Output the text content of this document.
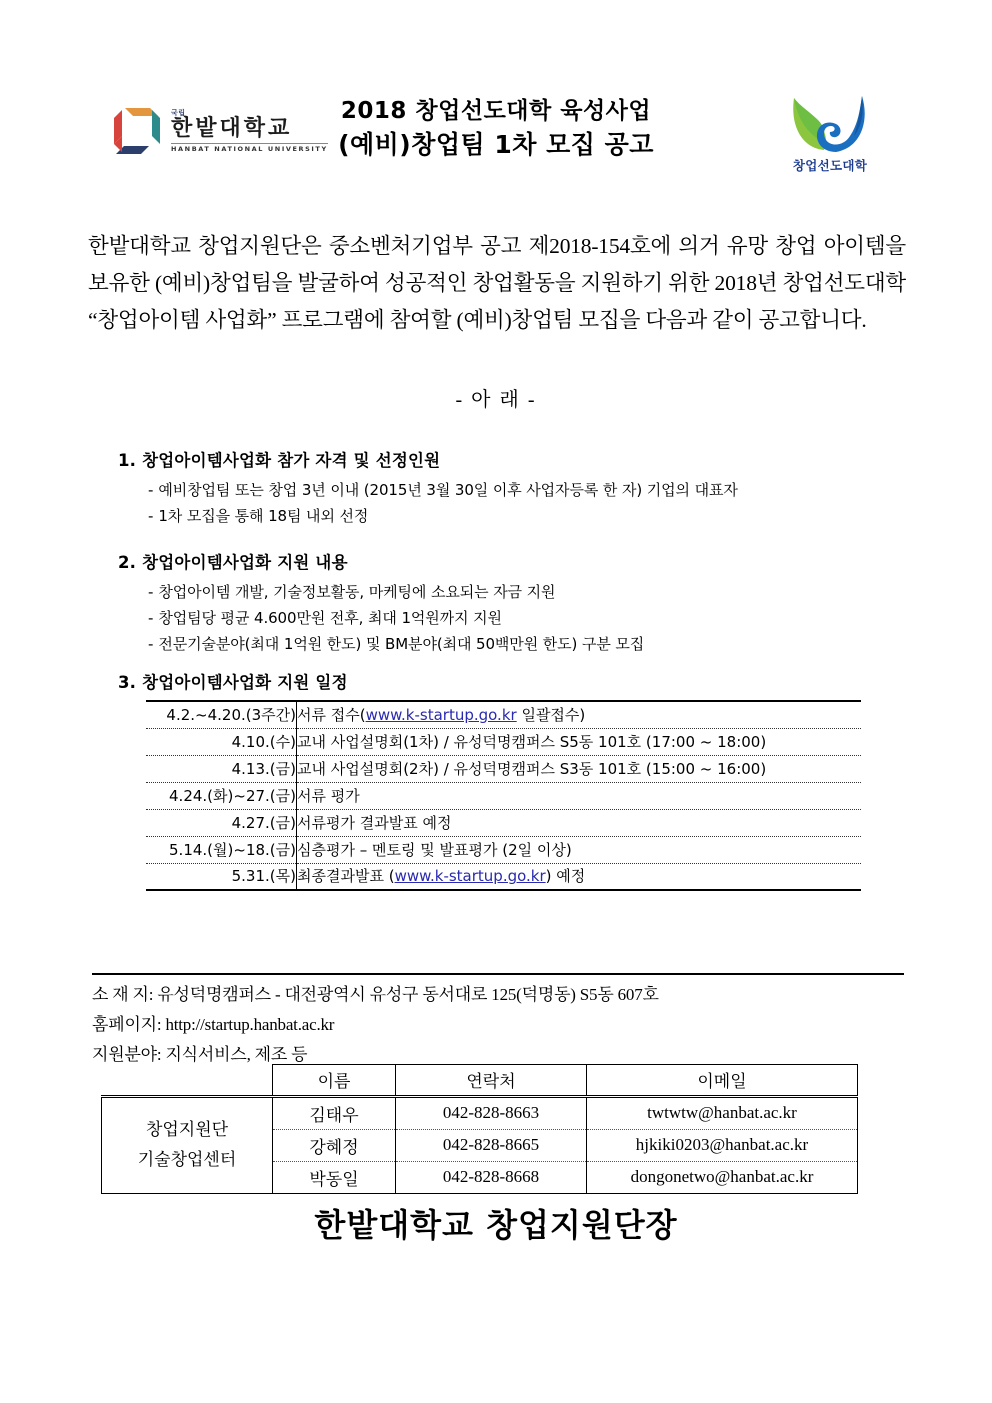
국립
한밭대학교
HANBAT NATIONAL UNIVERSITY
2018 창업선도대학 육성사업
(예비)창업팀 1차 모집 공고
창업선도대학
한밭대학교 창업지원단은 중소벤처기업부 공고 제2018-154호에 의거 유망 창업 아이템을 보유한 (예비)창업팀을 발굴하여 성공적인 창업활동을 지원하기 위한 2018년 창업선도대학 “창업아이템 사업화” 프로그램에 참여할 (예비)창업팀 모집을 다음과 같이 공고합니다.
- 아 래 -
1. 창업아이템사업화 참가 자격 및 선정인원
- 예비창업팀 또는 창업 3년 이내 (2015년 3월 30일 이후 사업자등록 한 자) 기업의 대표자
- 1차 모집을 통해 18팀 내외 선정
2. 창업아이템사업화 지원 내용
- 창업아이템 개발, 기술정보활동, 마케팅에 소요되는 자금 지원
- 창업팀당 평균 4.600만원 전후, 최대 1억원까지 지원
- 전문기술분야(최대 1억원 한도) 및 BM분야(최대 50백만원 한도) 구분 모집
3. 창업아이템사업화 지원 일정
4.2.~4.20.(3주간)	서류 접수(www.k-startup.go.kr 일괄접수)
4.10.(수)	교내 사업설명회(1차) / 유성덕명캠퍼스 S5동 101호 (17:00 ~ 18:00)
4.13.(금)	교내 사업설명회(2차) / 유성덕명캠퍼스 S3동 101호 (15:00 ~ 16:00)
4.24.(화)~27.(금)	서류 평가
4.27.(금)	서류평가 결과발표 예정
5.14.(월)~18.(금)	심층평가 – 멘토링 및 발표평가 (2일 이상)
5.31.(목)	최종결과발표 (www.k-startup.go.kr) 예정
소 재 지: 유성덕명캠퍼스 - 대전광역시 유성구 동서대로 125(덕명동) S5동 607호
홈페이지: http://startup.hanbat.ac.kr
지원분야: 지식서비스, 제조 등
	이름	연락처	이메일

창업지원단
기술창업센터	김태우	042-828-8663	twtwtw@hanbat.ac.kr
	강혜정	042-828-8665	hjkiki0203@hanbat.ac.kr
	박동일	042-828-8668	dongonetwo@hanbat.ac.kr
한밭대학교 창업지원단장
